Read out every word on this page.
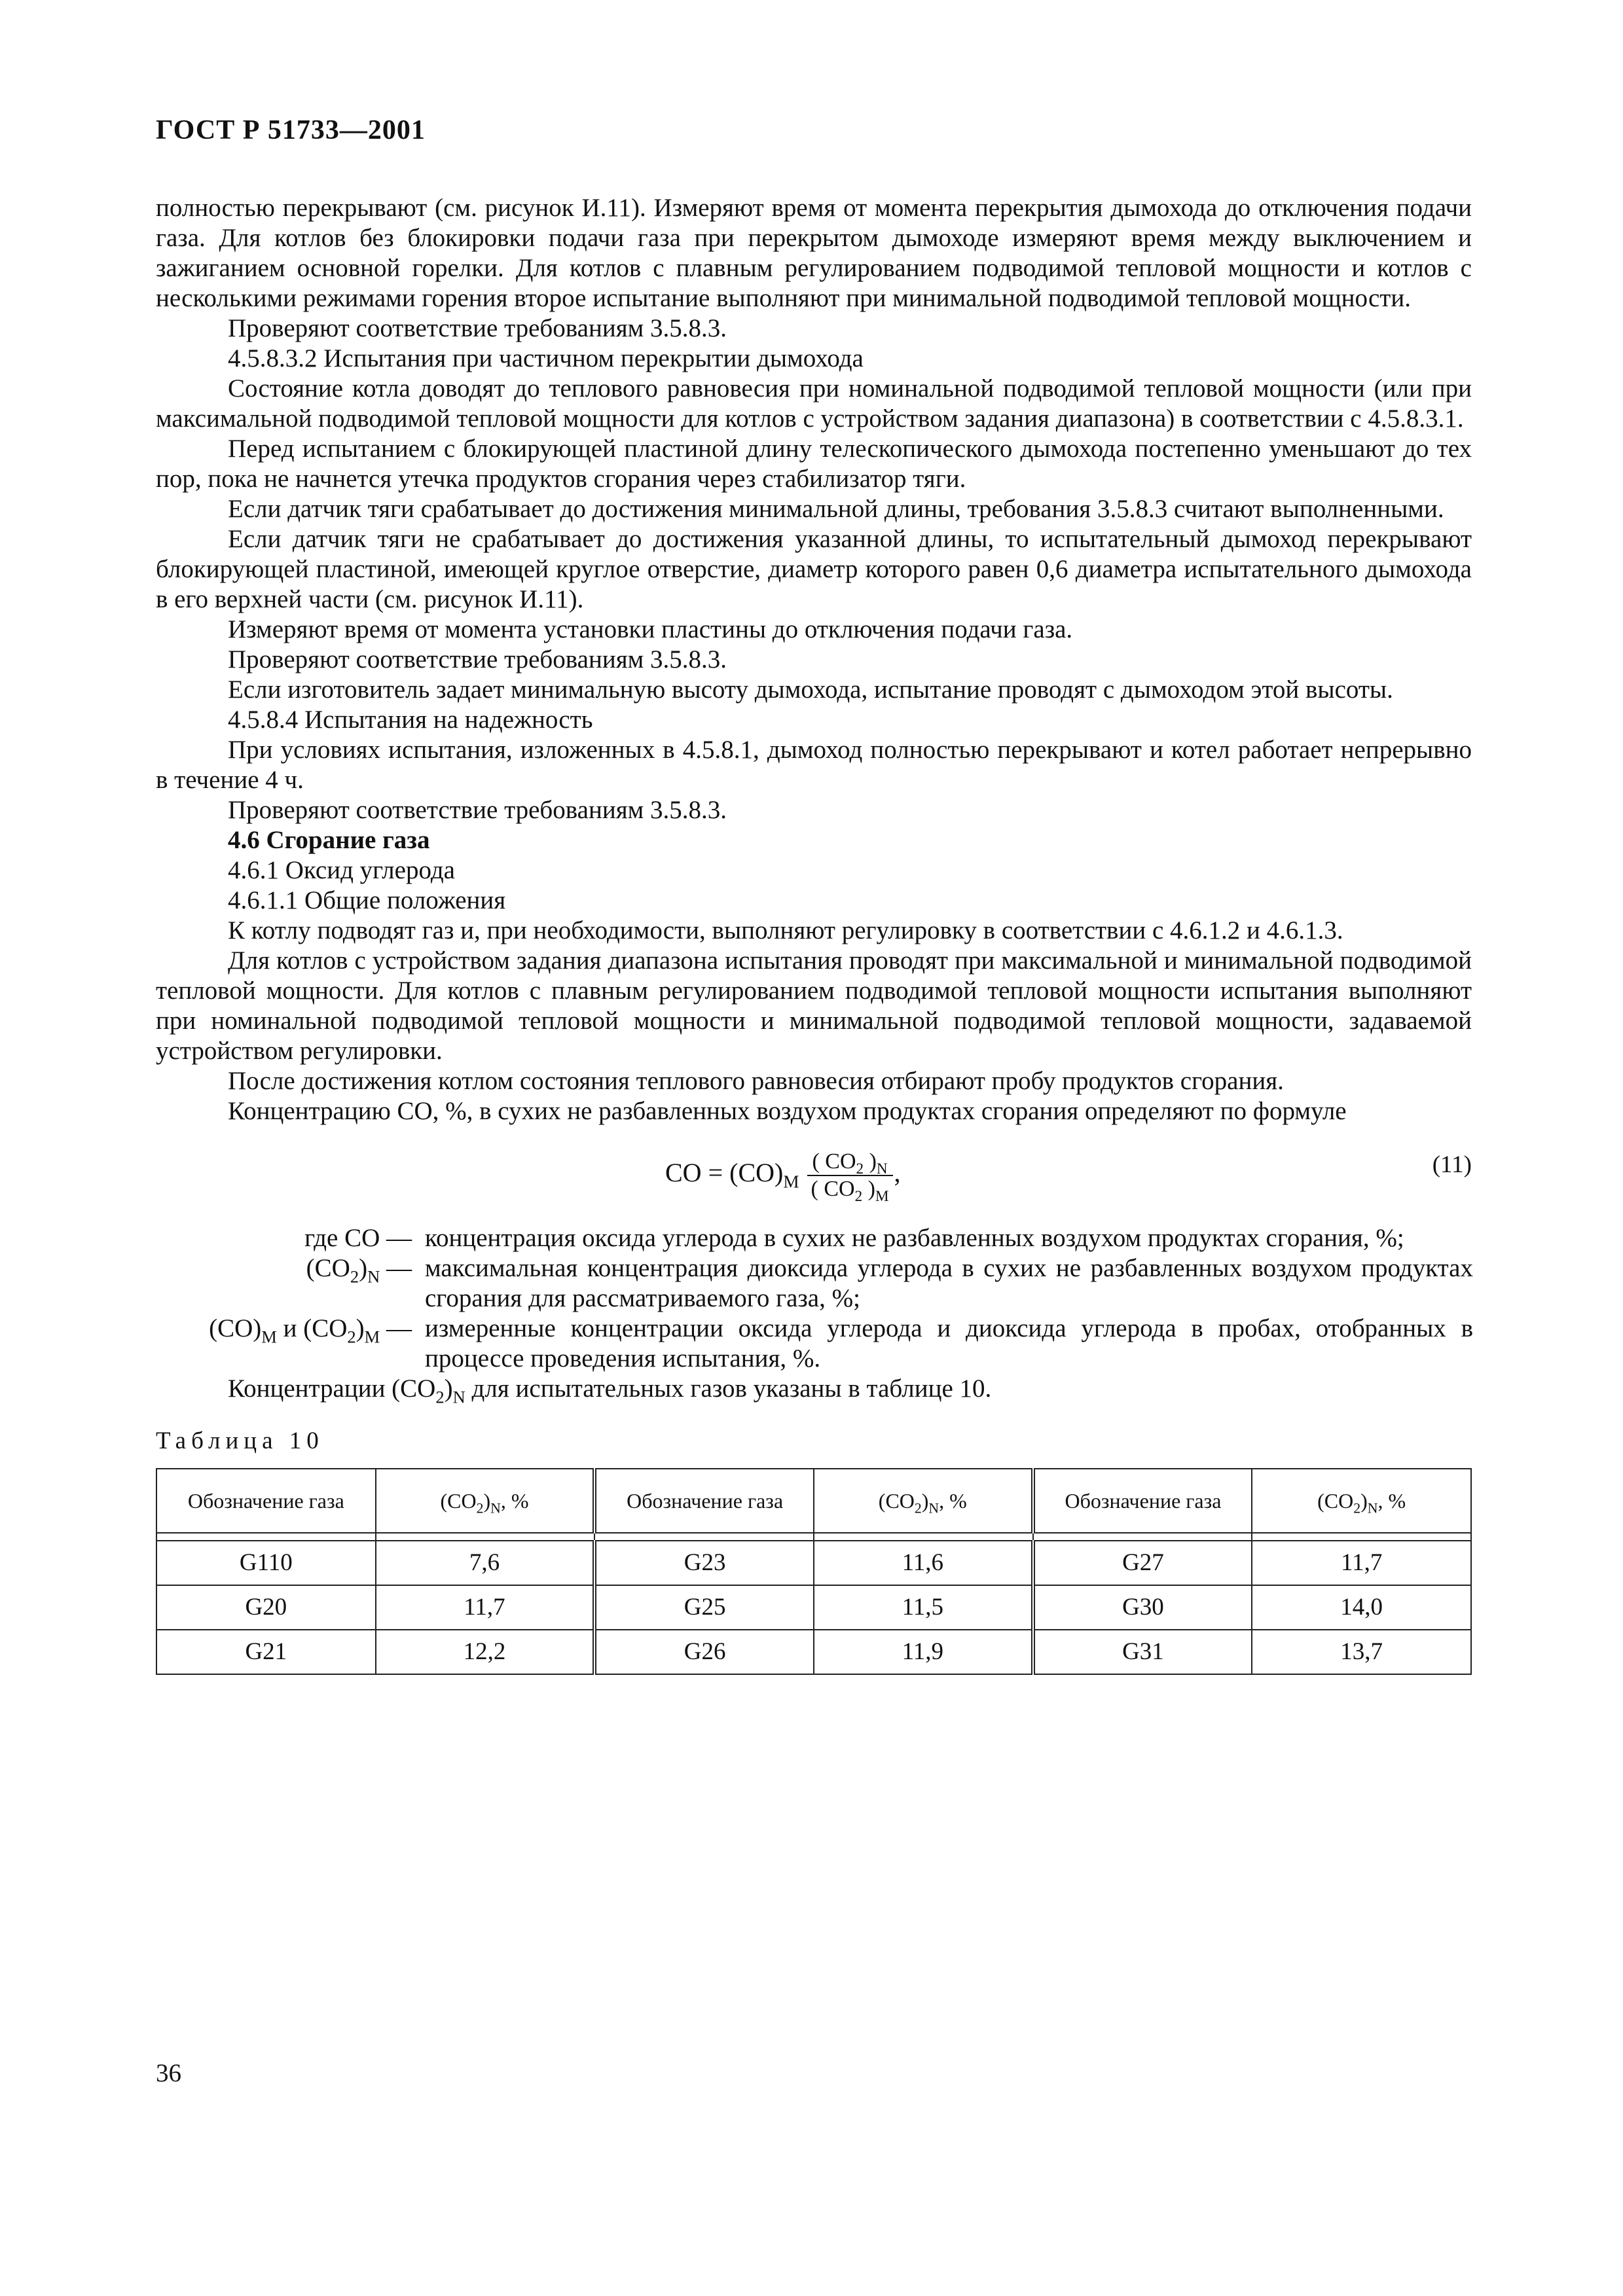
ГОСТ Р 51733—2001

полностью перекрывают (см. рисунок И.11). Измеряют время от момента перекрытия дымохода до отключения подачи газа. Для котлов без блокировки подачи газа при перекрытом дымоходе измеряют время между выключением и зажиганием основной горелки. Для котлов с плавным регулированием подводимой тепловой мощности и котлов с несколькими режимами горения второе испытание выполняют при минимальной подводимой тепловой мощности.

Проверяют соответствие требованиям 3.5.8.3.

4.5.8.3.2 Испытания при частичном перекрытии дымохода

Состояние котла доводят до теплового равновесия при номинальной подводимой тепловой мощности (или при максимальной подводимой тепловой мощности для котлов с устройством задания диапазона) в соответствии с 4.5.8.3.1.

Перед испытанием с блокирующей пластиной длину телескопического дымохода постепенно уменьшают до тех пор, пока не начнется утечка продуктов сгорания через стабилизатор тяги.

Если датчик тяги срабатывает до достижения минимальной длины, требования 3.5.8.3 считают выполненными.

Если датчик тяги не срабатывает до достижения указанной длины, то испытательный дымоход перекрывают блокирующей пластиной, имеющей круглое отверстие, диаметр которого равен 0,6 диаметра испытательного дымохода в его верхней части (см. рисунок И.11).

Измеряют время от момента установки пластины до отключения подачи газа.

Проверяют соответствие требованиям 3.5.8.3.

Если изготовитель задает минимальную высоту дымохода, испытание проводят с дымоходом этой высоты.

4.5.8.4 Испытания на надежность

При условиях испытания, изложенных в 4.5.8.1, дымоход полностью перекрывают и котел работает непрерывно в течение 4 ч.

Проверяют соответствие требованиям 3.5.8.3.

4.6 Сгорание газа

4.6.1 Оксид углерода

4.6.1.1 Общие положения

К котлу подводят газ и, при необходимости, выполняют регулировку в соответствии с 4.6.1.2 и 4.6.1.3.

Для котлов с устройством задания диапазона испытания проводят при максимальной и минимальной подводимой тепловой мощности. Для котлов с плавным регулированием подводимой тепловой мощности испытания выполняют при номинальной подводимой тепловой мощности и минимальной подводимой тепловой мощности, задаваемой устройством регулировки.

После достижения котлом состояния теплового равновесия отбирают пробу продуктов сгорания.

Концентрацию CO, %, в сухих не разбавленных воздухом продуктах сгорания определяют по формуле

CO = $(CO)_M \frac{( CO_2 )_N}{( CO_2 )_M}$ ,	(11)
где CO — концентрация оксида углерода в сухих не разбавленных воздухом продуктах сгорания, %;
$(CO_2)_N$ — максимальная концентрация диоксида углерода в сухих не разбавленных воздухом продуктах сгорания для рассматриваемого газа, %;
$(CO)_M$ и $(CO_2)_M$ — измеренные концентрации оксида углерода и диоксида углерода в пробах, отобранных в процессе проведения испытания, %.

Концентрации $(CO_2)_N$ для испытательных газов указаны в таблице 10.

Таблица 10
Обозначение газа	$(CO_2)_N$, %	Обозначение газа	$(CO_2)_N$, %	Обозначение газа	$(CO_2)_N$, %

G110	7,6	G23	11,6	G27	11,7
G20	11,7	G25	11,5	G30	14,0
G21	12,2	G26	11,9	G31	13,7
36
